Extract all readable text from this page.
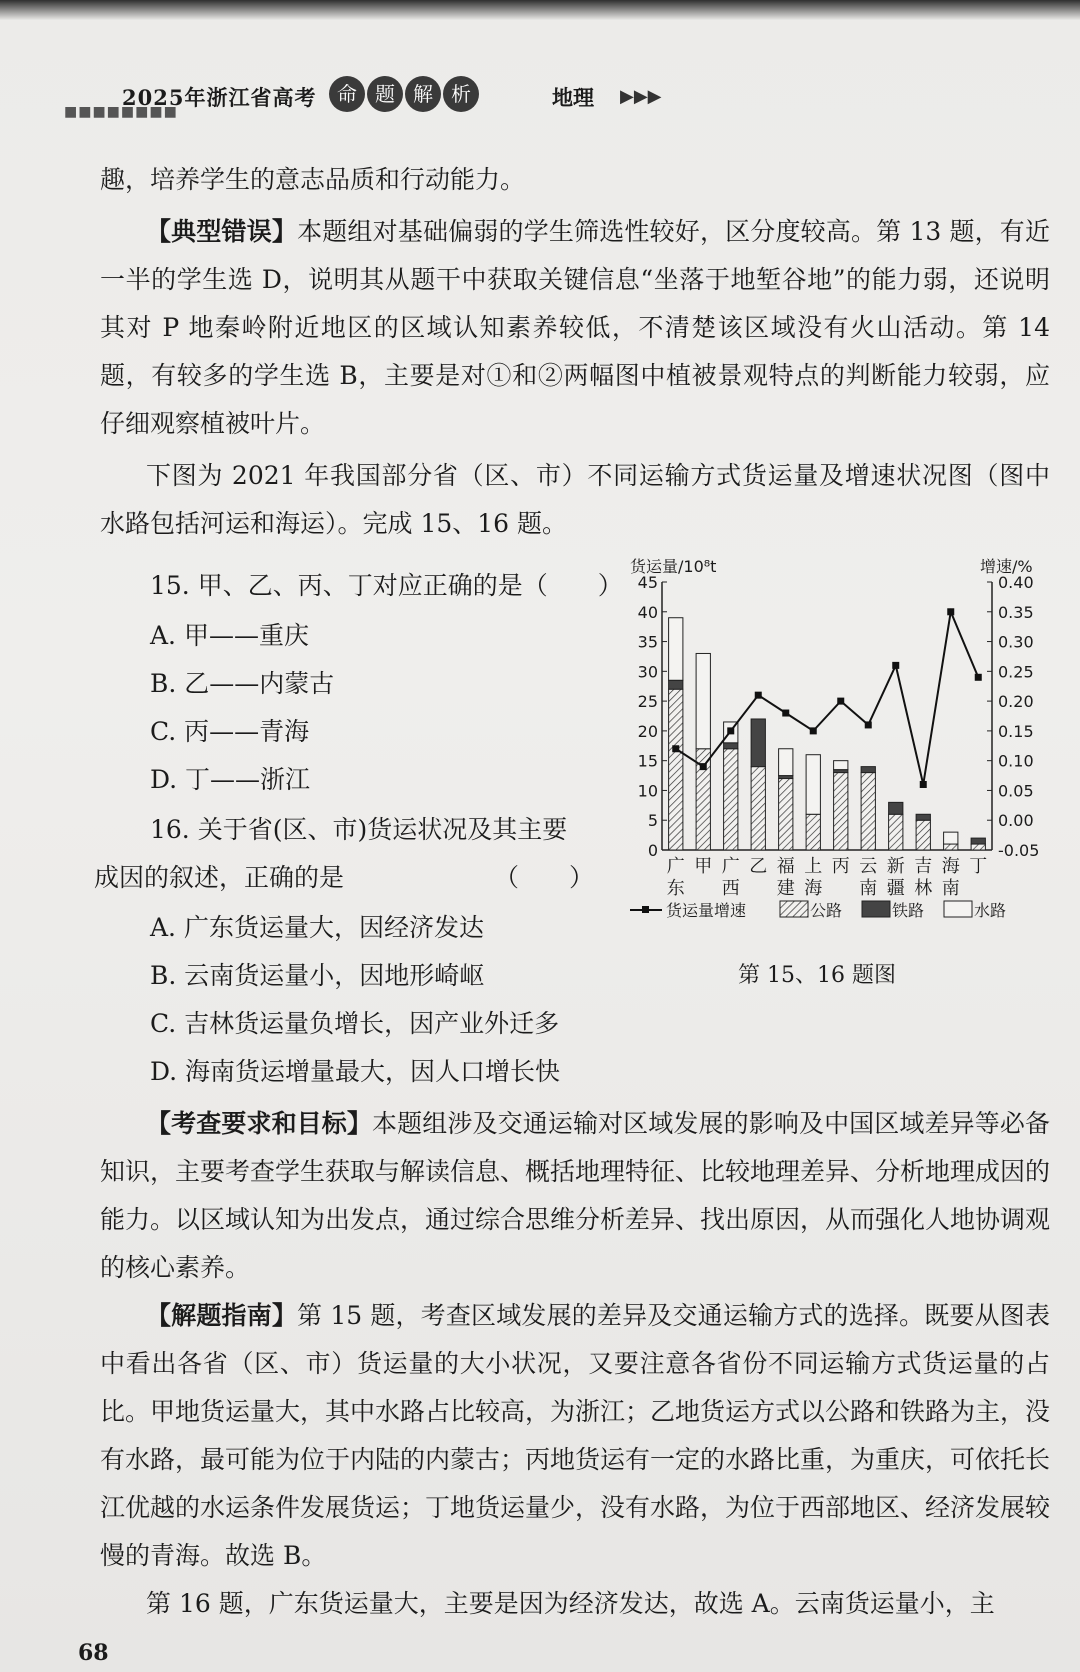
■■■■■■■■
2025年浙江省高考	命 题 解 析	地理 ▶▶▶
趣，培养学生的意志品质和行动能力。
【典型错误】本题组对基础偏弱的学生筛选性较好，区分度较高。第 13 题，有近一半的学生选 D，说明其从题干中获取关键信息“坐落于地堑谷地”的能力弱，还说明其对 P 地秦岭附近地区的区域认知素养较低，不清楚该区域没有火山活动。第 14 题，有较多的学生选 B，主要是对①和②两幅图中植被景观特点的判断能力较弱，应仔细观察植被叶片。
下图为 2021 年我国部分省（区、市）不同运输方式货运量及增速状况图（图中水路包括河运和海运）。完成 15、16 题。
15. 甲、乙、丙、丁对应正确的是（　　）
A. 甲——重庆
B. 乙——内蒙古
C. 丙——青海
D. 丁——浙江
16. 关于省(区、市)货运状况及其主要
成因的叙述，正确的是	（　　）
A. 广东货运量大，因经济发达
B. 云南货运量小，因地形崎岖
C. 吉林货运量负增长，因产业外迁多
D. 海南货运增量最大，因人口增长快
货运量/10⁸t	增速/%
0
5
10
15
20
25
30
35
40
45
-0.05
0.00
0.05
0.10
0.15
0.20
0.25
0.30
0.35
0.40
广
东
甲 广
西
乙 福
建
上
海
丙 云
南
新
疆
吉
林
海
南
丁
货运量增速	公路	铁路	水路
第 15、16 题图
【考查要求和目标】本题组涉及交通运输对区域发展的影响及中国区域差异等必备知识，主要考查学生获取与解读信息、概括地理特征、比较地理差异、分析地理成因的能力。以区域认知为出发点，通过综合思维分析差异、找出原因，从而强化人地协调观的核心素养。
【解题指南】第 15 题，考查区域发展的差异及交通运输方式的选择。既要从图表中看出各省（区、市）货运量的大小状况，又要注意各省份不同运输方式货运量的占比。甲地货运量大，其中水路占比较高，为浙江；乙地货运方式以公路和铁路为主，没有水路，最可能为位于内陆的内蒙古；丙地货运有一定的水路比重，为重庆，可依托长江优越的水运条件发展货运；丁地货运量少，没有水路，为位于西部地区、经济发展较慢的青海。故选 B。
第 16 题，广东货运量大，主要是因为经济发达，故选 A。云南货运量小，主
68
